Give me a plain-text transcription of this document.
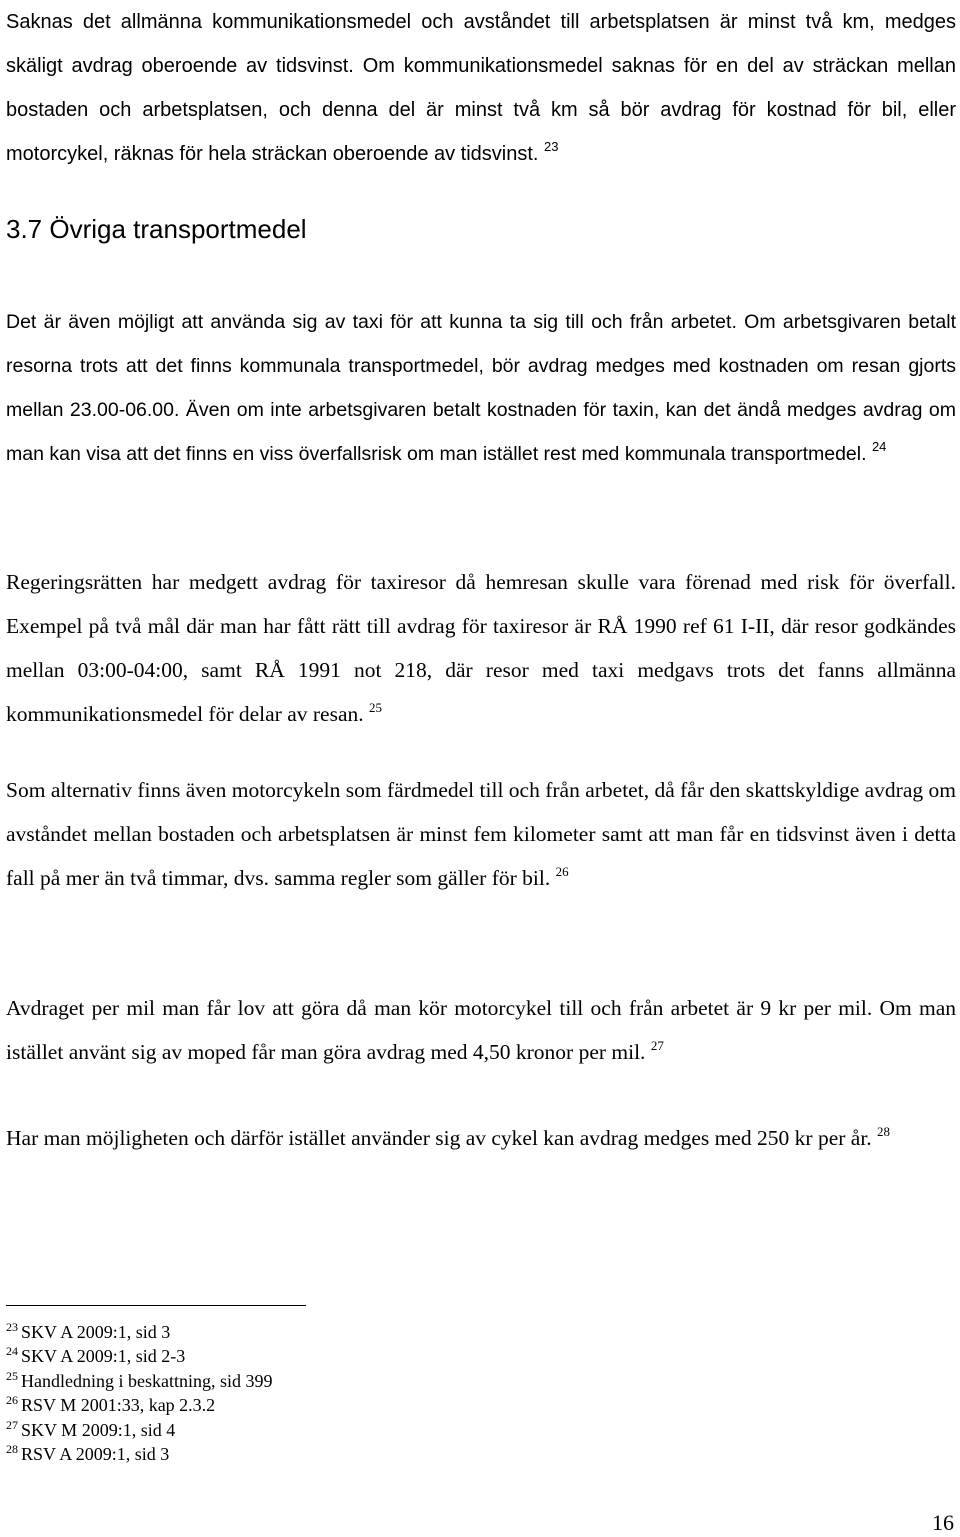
Saknas det allmänna kommunikationsmedel och avståndet till arbetsplatsen är minst två km, medges skäligt avdrag oberoende av tidsvinst. Om kommunikationsmedel saknas för en del av sträckan mellan bostaden och arbetsplatsen, och denna del är minst två km så bör avdrag för kostnad för bil, eller motorcykel, räknas för hela sträckan oberoende av tidsvinst. $^{23}$

3.7 Övriga transportmedel

Det är även möjligt att använda sig av taxi för att kunna ta sig till och från arbetet. Om arbetsgivaren betalt resorna trots att det finns kommunala transportmedel, bör avdrag medges med kostnaden om resan gjorts mellan 23.00-06.00. Även om inte arbetsgivaren betalt kostnaden för taxin, kan det ändå medges avdrag om man kan visa att det finns en viss överfallsrisk om man istället rest med kommunala transportmedel. $^{24}$

Regeringsrätten har medgett avdrag för taxiresor då hemresan skulle vara förenad med risk för överfall. Exempel på två mål där man har fått rätt till avdrag för taxiresor är RÅ 1990 ref 61 I-II, där resor godkändes mellan 03:00-04:00, samt RÅ 1991 not 218, där resor med taxi medgavs trots det fanns allmänna kommunikationsmedel för delar av resan. $^{25}$

Som alternativ finns även motorcykeln som färdmedel till och från arbetet, då får den skattskyldige avdrag om avståndet mellan bostaden och arbetsplatsen är minst fem kilometer samt att man får en tidsvinst även i detta fall på mer än två timmar, dvs. samma regler som gäller för bil. $^{26}$

Avdraget per mil man får lov att göra då man kör motorcykel till och från arbetet är 9 kr per mil. Om man istället använt sig av moped får man göra avdrag med 4,50 kronor per mil. $^{27}$

Har man möjligheten och därför istället använder sig av cykel kan avdrag medges med 250 kr per år. $^{28}$

$^{23}$ SKV A 2009:1, sid 3
$^{24}$ SKV A 2009:1, sid 2-3
$^{25}$ Handledning i beskattning, sid 399
$^{26}$ RSV M 2001:33, kap 2.3.2
$^{27}$ SKV M 2009:1, sid 4
$^{28}$ RSV A 2009:1, sid 3
16
